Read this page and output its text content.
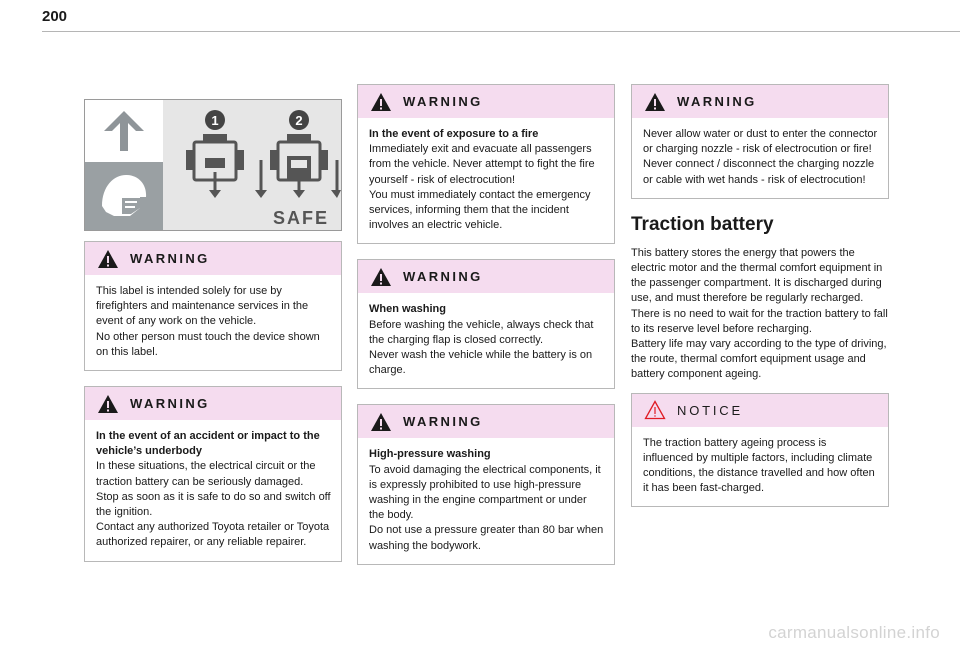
200
1	2
SAFE
WARNING

This label is intended solely for use by firefighters and maintenance services in the event of any work on the vehicle.

No other person must touch the device shown on this label.

WARNING

In the event of an accident or impact to the vehicle’s underbody

In these situations, the electrical circuit or the traction battery can be seriously damaged.

Stop as soon as it is safe to do so and switch off the ignition.

Contact any authorized Toyota retailer or Toyota authorized repairer, or any reliable repairer.

WARNING

In the event of exposure to a fire

Immediately exit and evacuate all passengers from the vehicle. Never attempt to fight the fire yourself - risk of electrocution!

You must immediately contact the emergency services, informing them that the incident involves an electric vehicle.

WARNING

When washing

Before washing the vehicle, always check that the charging flap is closed correctly.

Never wash the vehicle while the battery is on charge.

WARNING

High-pressure washing

To avoid damaging the electrical components, it is expressly prohibited to use high-pressure washing in the engine compartment or under the body.

Do not use a pressure greater than 80 bar when washing the bodywork.

WARNING

Never allow water or dust to enter the connector or charging nozzle - risk of electrocution or fire!

Never connect / disconnect the charging nozzle or cable with wet hands - risk of electrocution!

Traction battery

This battery stores the energy that powers the electric motor and the thermal comfort equipment in the passenger compartment. It is discharged during use, and must therefore be regularly recharged. There is no need to wait for the traction battery to fall to its reserve level before recharging.

Battery life may vary according to the type of driving, the route, thermal comfort equipment usage and battery component ageing.

NOTICE

The traction battery ageing process is influenced by multiple factors, including climate conditions, the distance travelled and how often it has been fast-charged.

carmanualsonline.info
